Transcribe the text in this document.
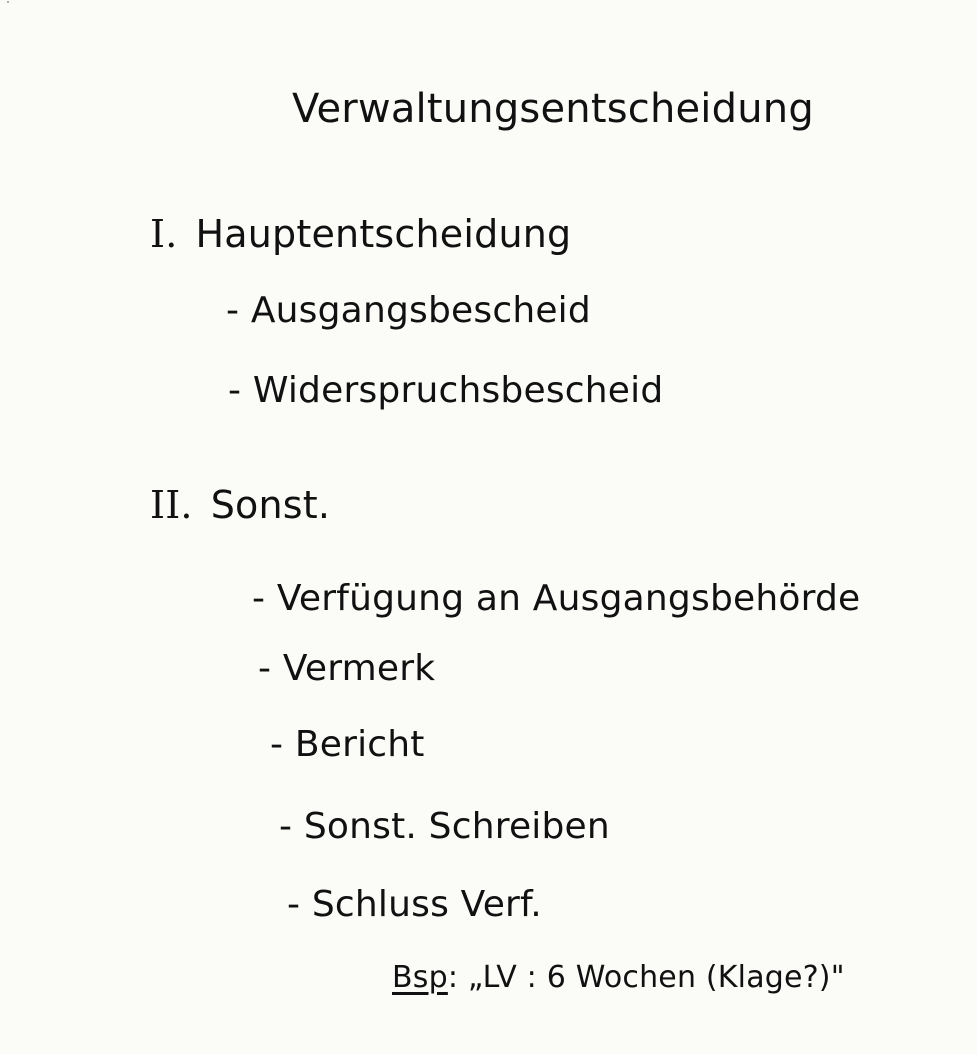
Verwaltungsentscheidung
I. Hauptentscheidung
- Ausgangsbescheid
- Widerspruchsbescheid
II. Sonst.
- Verfügung an Ausgangsbehörde
- Vermerk
- Bericht
- Sonst. Schreiben
- Schluss Verf.
Bsp: „LV : 6 Wochen (Klage?)"
